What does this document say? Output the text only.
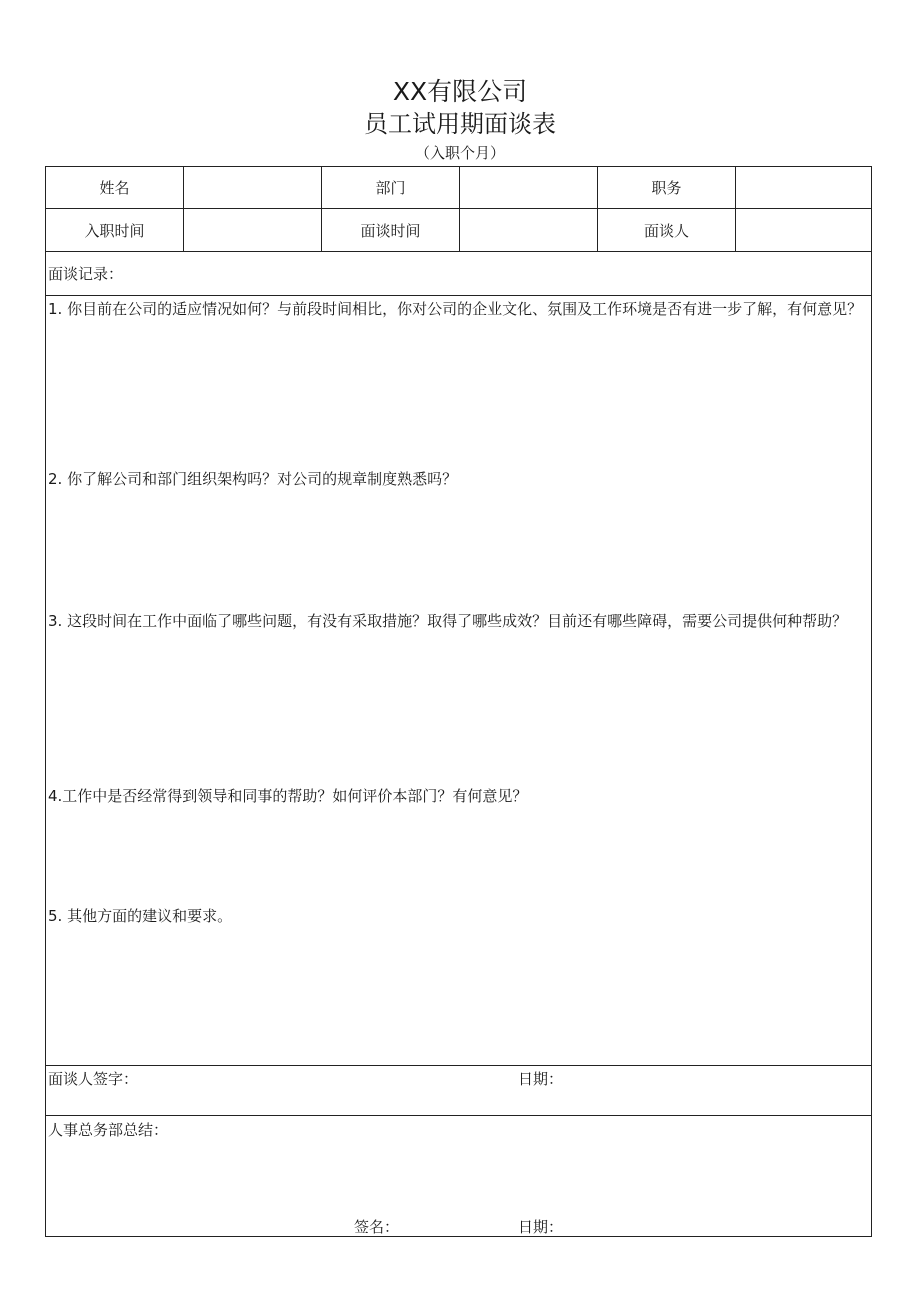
XX有限公司
员工试用期面谈表
（入职个月）
姓名	部门	职务
入职时间	面谈时间	面谈人
面谈记录：
1. 你目前在公司的适应情况如何？与前段时间相比，你对公司的企业文化、氛围及工作环境是否有进一步了解，有何意见？
2. 你了解公司和部门组织架构吗？对公司的规章制度熟悉吗？
3. 这段时间在工作中面临了哪些问题，有没有采取措施？取得了哪些成效？目前还有哪些障碍，需要公司提供何种帮助？
4.工作中是否经常得到领导和同事的帮助？如何评价本部门？有何意见？
5. 其他方面的建议和要求。
面谈人签字：	日期：
人事总务部总结：
签名：	日期：
